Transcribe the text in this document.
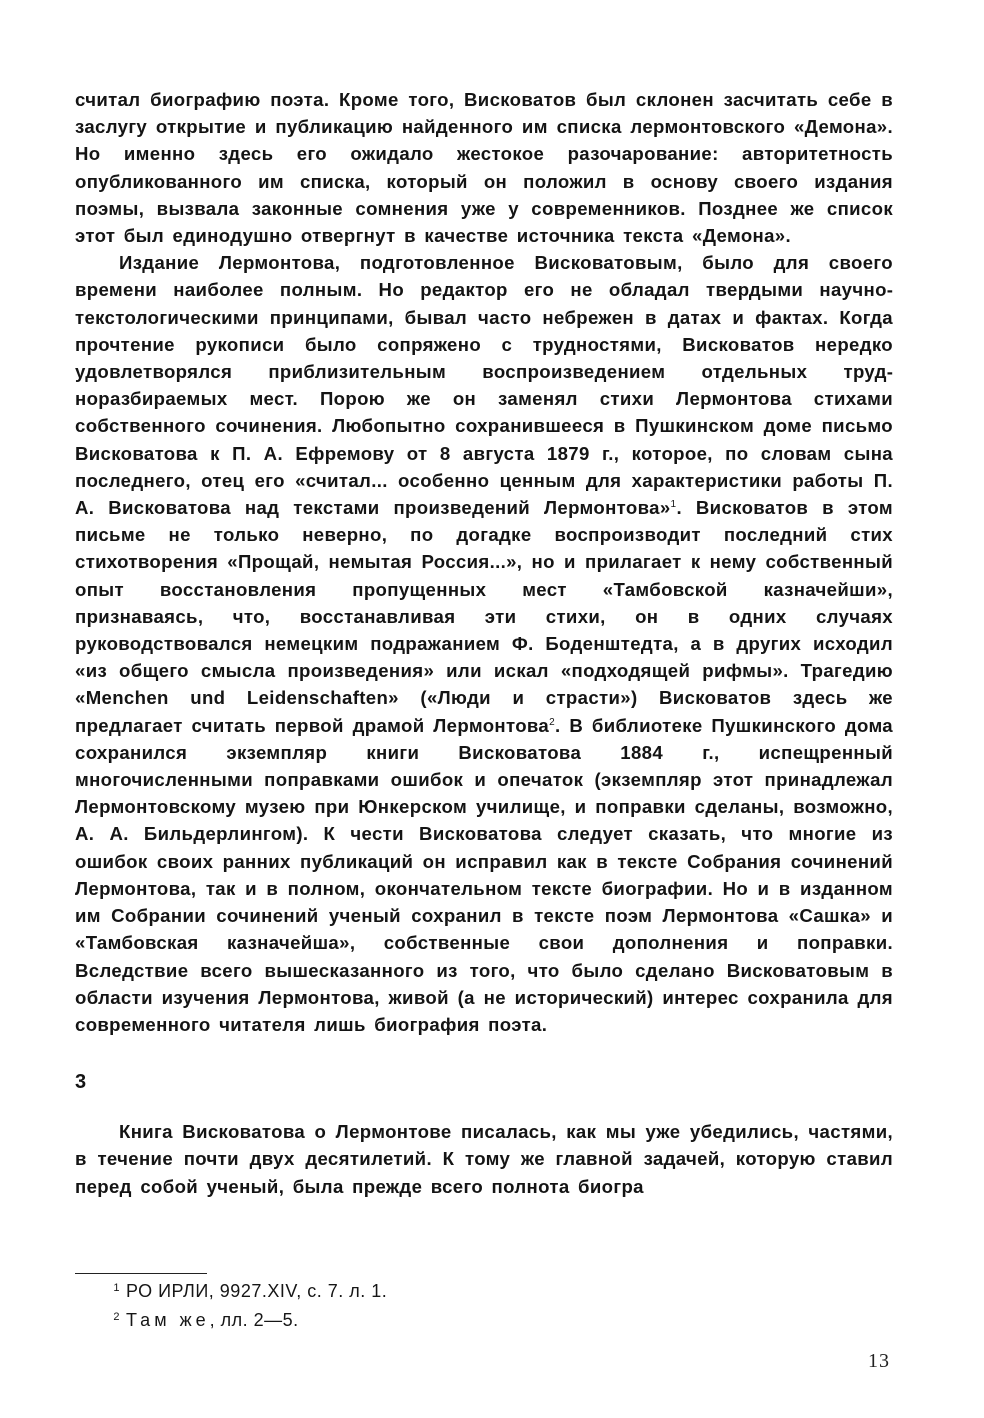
считал биографию поэта. Кроме того, Висковатов был склонен засчитать себе в заслугу открытие и публикацию найденного им списка лермонтовского «Демона». Но именно здесь его ожидало жестокое разочарование: авторитетность опубликованного им списка, который он положил в основу своего издания поэмы, вызвала законные сомнения уже у современников. Позднее же список этот был единодушно отвергнут в качестве источника текста «Демона».

Издание Лермонтова, подготовленное Висковатовым, было для своего времени наиболее полным. Но редактор его не обладал твердыми научнотекстологическими принципами, бывал часто небрежен в датах и фактах. Когда прочтение рукописи было сопряжено с трудностями, Висковатов нередко удовлетворялся приблизительным воспроизведением отдельных трудноразбираемых мест. Порою же он заменял стихи Лермонтова стихами собственного сочинения. Любопытно сохранившееся в Пушкинском доме письмо Висковатова к П. А. Ефремову от 8 августа 1879 г., которое, по словам сына последнего, отец его «считал... особенно ценным для характеристики работы П. А. Висковатова над текстами произведений Лермонтова»$^1$. Висковатов в этом письме не только неверно, по догадке воспроизводит последний стих стихотворения «Прощай, немытая Россия...», но и прилагает к нему собственный опыт восстановления пропущенных мест «Тамбовской казначейши», признаваясь, что, восстанавливая эти стихи, он в одних случаях руководствовался немецким подражанием Ф. Боденштедта, а в других исходил «из общего смысла произведения» или искал «подходящей рифмы». Трагедию «Menchen und Leidenschaften» («Люди и страсти») Висковатов здесь же предлагает считать первой драмой Лермонтова$^2$. В библиотеке Пушкинского дома сохранился экземпляр книги Висковатова 1884 г., испещренный многочисленными поправками ошибок и опечаток (экземпляр этот принадлежал Лермонтовскому музею при Юнкерском училище, и поправки сделаны, возможно, А. А. Бильдерлингом). К чести Висковатова следует сказать, что многие из ошибок своих ранних публикаций он исправил как в тексте Собрания сочинений Лермонтова, так и в полном, окончательном тексте биографии. Но и в изданном им Собрании сочинений ученый сохранил в тексте поэм Лермонтова «Сашка» и «Тамбовская казначейша», собственные свои дополнения и поправки. Вследствие всего вышесказанного из того, что было сделано Висковатовым в области изучения Лермонтова, живой (а не исторический) интерес сохранила для современного читателя лишь биография поэта.

3

Книга Висковатова о Лермонтове писалась, как мы уже убедились, частями, в течение почти двух десятилетий. К тому же главной задачей, которую ставил перед собой ученый, была прежде всего полнота биогра

1 РО ИРЛИ, 9927.XIV, с. 7. л. 1.
2 Там же, лл. 2—5.
13
